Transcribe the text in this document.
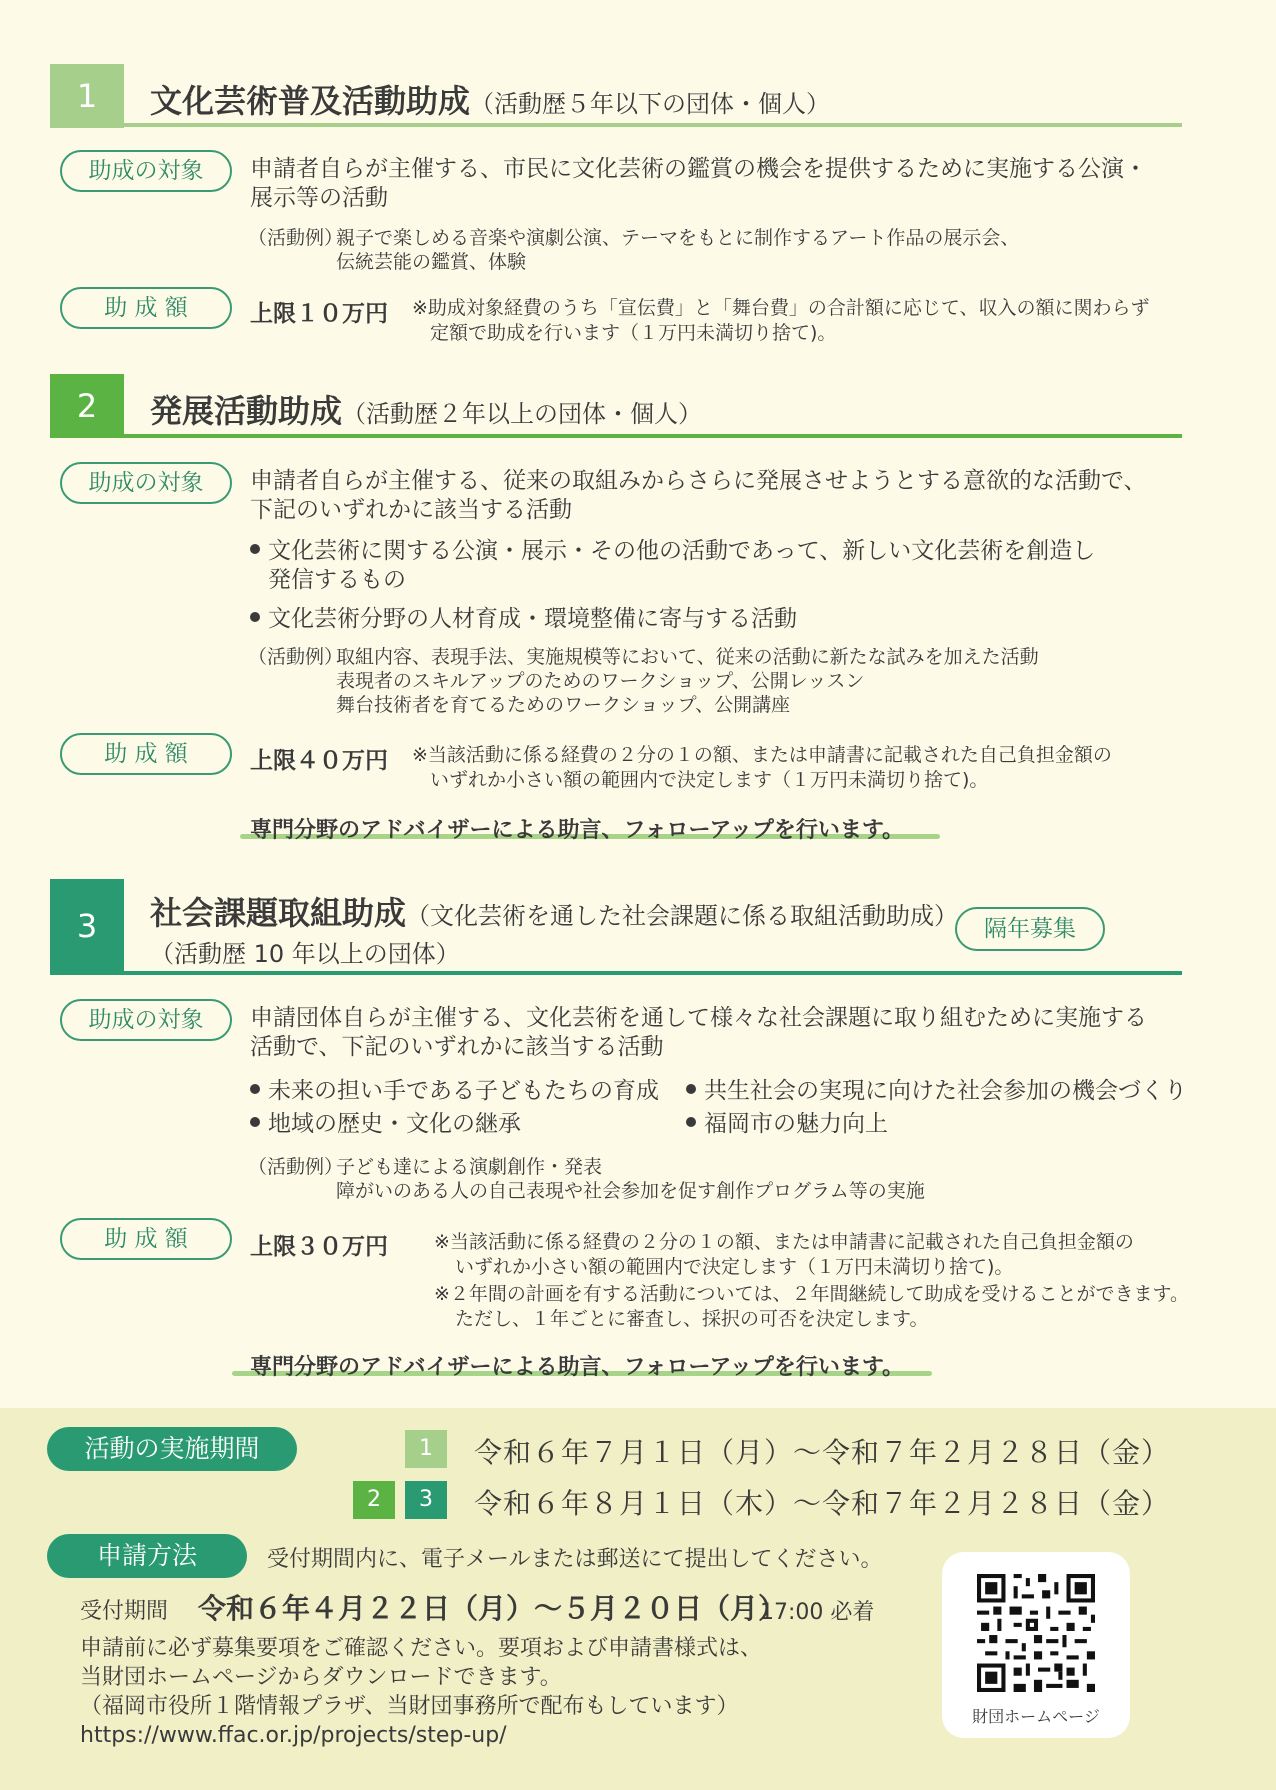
1	文化芸術普及活動助成（活動歴５年以下の団体・個人）
助成の対象	申請者自らが主催する、市民に文化芸術の鑑賞の機会を提供するために実施する公演・
展示等の活動
（活動例）
親子で楽しめる音楽や演劇公演、テーマをもとに制作するアート作品の展示会、
伝統芸能の鑑賞、体験
助 成 額	上限１０万円 ※助成対象経費のうち「宣伝費」と「舞台費」の合計額に応じて、収入の額に関わらず
定額で助成を行います（１万円未満切り捨て)。
2	発展活動助成（活動歴２年以上の団体・個人）
助成の対象	申請者自らが主催する、従来の取組みからさらに発展させようとする意欲的な活動で、
下記のいずれかに該当する活動
文化芸術に関する公演・展示・その他の活動であって、新しい文化芸術を創造し
発信するもの
文化芸術分野の人材育成・環境整備に寄与する活動
（活動例）
取組内容、表現手法、実施規模等において、従来の活動に新たな試みを加えた活動
表現者のスキルアップのためのワークショップ、公開レッスン
舞台技術者を育てるためのワークショップ、公開講座
助 成 額	上限４０万円 ※当該活動に係る経費の２分の１の額、または申請書に記載された自己負担金額の
いずれか小さい額の範囲内で決定します（１万円未満切り捨て)。
専門分野のアドバイザーによる助言、フォローアップを行います。
3	社会課題取組助成（文化芸術を通した社会課題に係る取組活動助成）
（活動歴 10 年以上の団体）
隔年募集
助成の対象	申請団体自らが主催する、文化芸術を通して様々な社会課題に取り組むために実施する
活動で、下記のいずれかに該当する活動
未来の担い手である子どもたちの育成	共生社会の実現に向けた社会参加の機会づくり
地域の歴史・文化の継承	福岡市の魅力向上
（活動例）
子ども達による演劇創作・発表
障がいのある人の自己表現や社会参加を促す創作プログラム等の実施
助 成 額	上限３０万円 ※当該活動に係る経費の２分の１の額、または申請書に記載された自己負担金額の
いずれか小さい額の範囲内で決定します（１万円未満切り捨て)。
※２年間の計画を有する活動については、２年間継続して助成を受けることができます。
ただし、１年ごとに審査し、採択の可否を決定します。
専門分野のアドバイザーによる助言、フォローアップを行います。
活動の実施期間	1	令和６年７月１日（月）〜令和７年２月２８日（金）
2	3	令和６年８月１日（木）〜令和７年２月２８日（金）
申請方法	受付期間内に、電子メールまたは郵送にて提出してください。
受付期間 令和６年４月２２日（月）〜５月２０日（月）
17:00 必着
申請前に必ず募集要項をご確認ください。要項および申請書様式は、
当財団ホームページからダウンロードできます。
（福岡市役所１階情報プラザ、当財団事務所で配布もしています）
https://www.ffac.or.jp/projects/step-up/
財団ホームページ
